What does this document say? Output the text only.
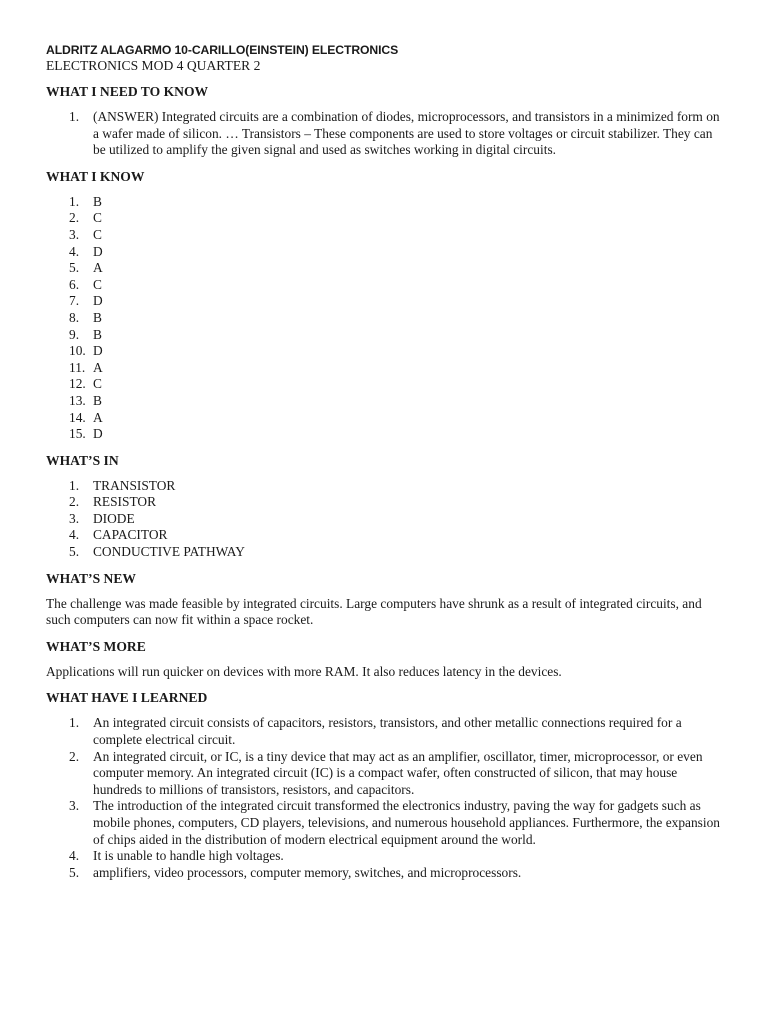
ALDRITZ ALAGARMO 10-CARILLO(EINSTEIN) ELECTRONICS

ELECTRONICS MOD 4 QUARTER 2

WHAT I NEED TO KNOW
1. (ANSWER) Integrated circuits are a combination of diodes, microprocessors, and transistors in a minimized form on a wafer made of silicon. … Transistors – These components are used to store voltages or circuit stabilizer. They can be utilized to amplify the given signal and used as switches working in digital circuits.
WHAT I KNOW
1. B
2. C
3. C
4. D
5. A
6. C
7. D
8. B
9. B
10. D
11. A
12. C
13. B
14. A
15. D
WHAT’S IN
1. TRANSISTOR
2. RESISTOR
3. DIODE
4. CAPACITOR
5. CONDUCTIVE PATHWAY
WHAT’S NEW

The challenge was made feasible by integrated circuits. Large computers have shrunk as a result of integrated circuits, and such computers can now fit within a space rocket.

WHAT’S MORE

Applications will run quicker on devices with more RAM. It also reduces latency in the devices.

WHAT HAVE I LEARNED
1. An integrated circuit consists of capacitors, resistors, transistors, and other metallic connections required for a complete electrical circuit.
2. An integrated circuit, or IC, is a tiny device that may act as an amplifier, oscillator, timer, microprocessor, or even computer memory. An integrated circuit (IC) is a compact wafer, often constructed of silicon, that may house hundreds to millions of transistors, resistors, and capacitors.
3. The introduction of the integrated circuit transformed the electronics industry, paving the way for gadgets such as mobile phones, computers, CD players, televisions, and numerous household appliances. Furthermore, the expansion of chips aided in the distribution of modern electrical equipment around the world.
4. It is unable to handle high voltages.
5. amplifiers, video processors, computer memory, switches, and microprocessors.
